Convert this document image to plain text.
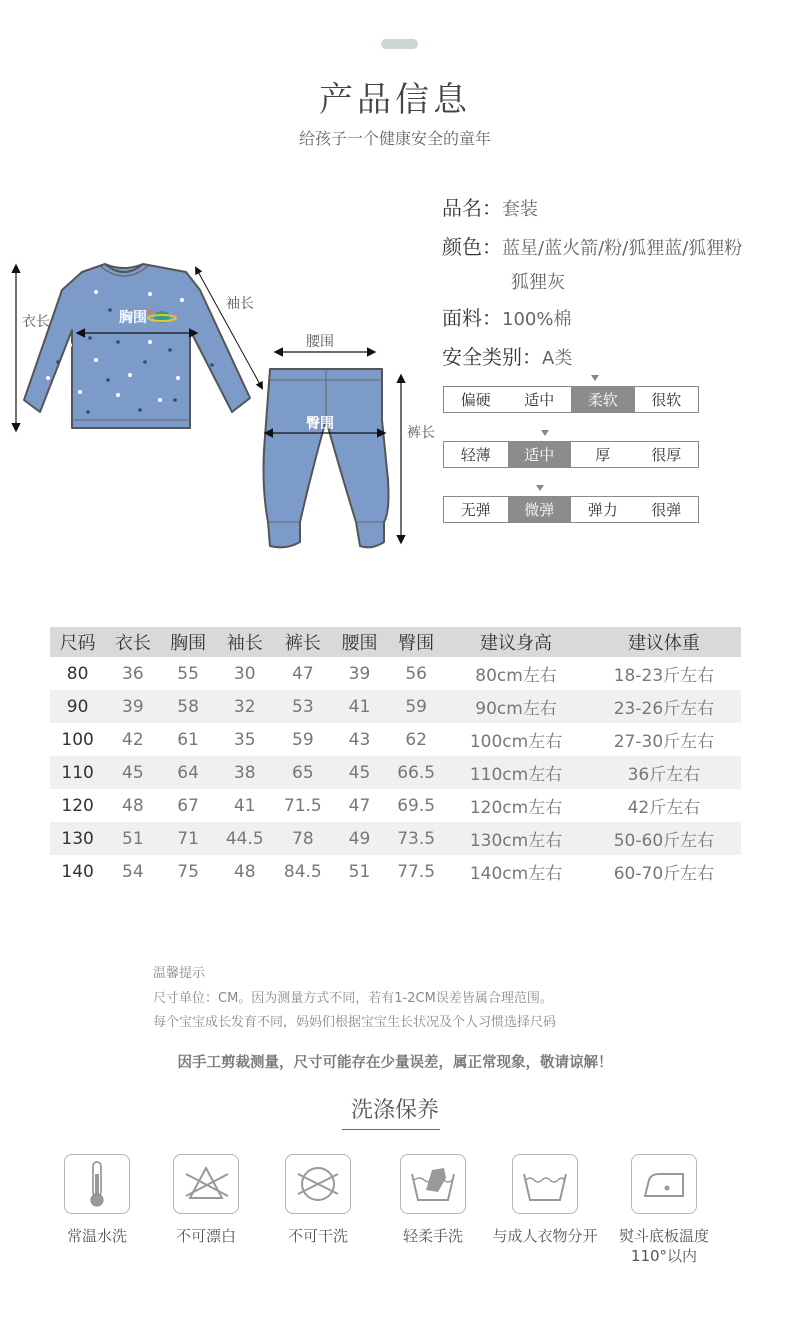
产品信息
给孩子一个健康安全的童年
衣长	胸围
袖长
腰围
臀围
裤长
品名： 套装
颜色： 蓝星/蓝火箭/粉/狐狸蓝/狐狸粉
狐狸灰
面料： 100%棉
安全类别： A类
偏硬	适中	柔软	很软
轻薄	适中	厚	很厚
无弹	微弹	弹力	很弹
尺码	衣长	胸围	袖长	裤长	腰围	臀围	建议身高	建议体重
80	36	55	30	47	39	56	80cm左右	18-23斤左右
90	39	58	32	53	41	59	90cm左右	23-26斤左右
100	42	61	35	59	43	62	100cm左右	27-30斤左右
110	45	64	38	65	45	66.5	110cm左右	36斤左右
120	48	67	41	71.5	47	69.5	120cm左右	42斤左右
130	51	71	44.5	78	49	73.5	130cm左右	50-60斤左右
140	54	75	48	84.5	51	77.5	140cm左右	60-70斤左右
温馨提示
尺寸单位：CM。因为测量方式不同，若有1-2CM误差皆属合理范围。
每个宝宝成长发育不同，妈妈们根据宝宝生长状况及个人习惯选择尺码
因手工剪裁测量，尺寸可能存在少量误差，属正常现象，敬请谅解！
洗涤保养
常温水洗	不可漂白	不可干洗	轻柔手洗	与成人衣物分开	熨斗底板温度
110°以内
